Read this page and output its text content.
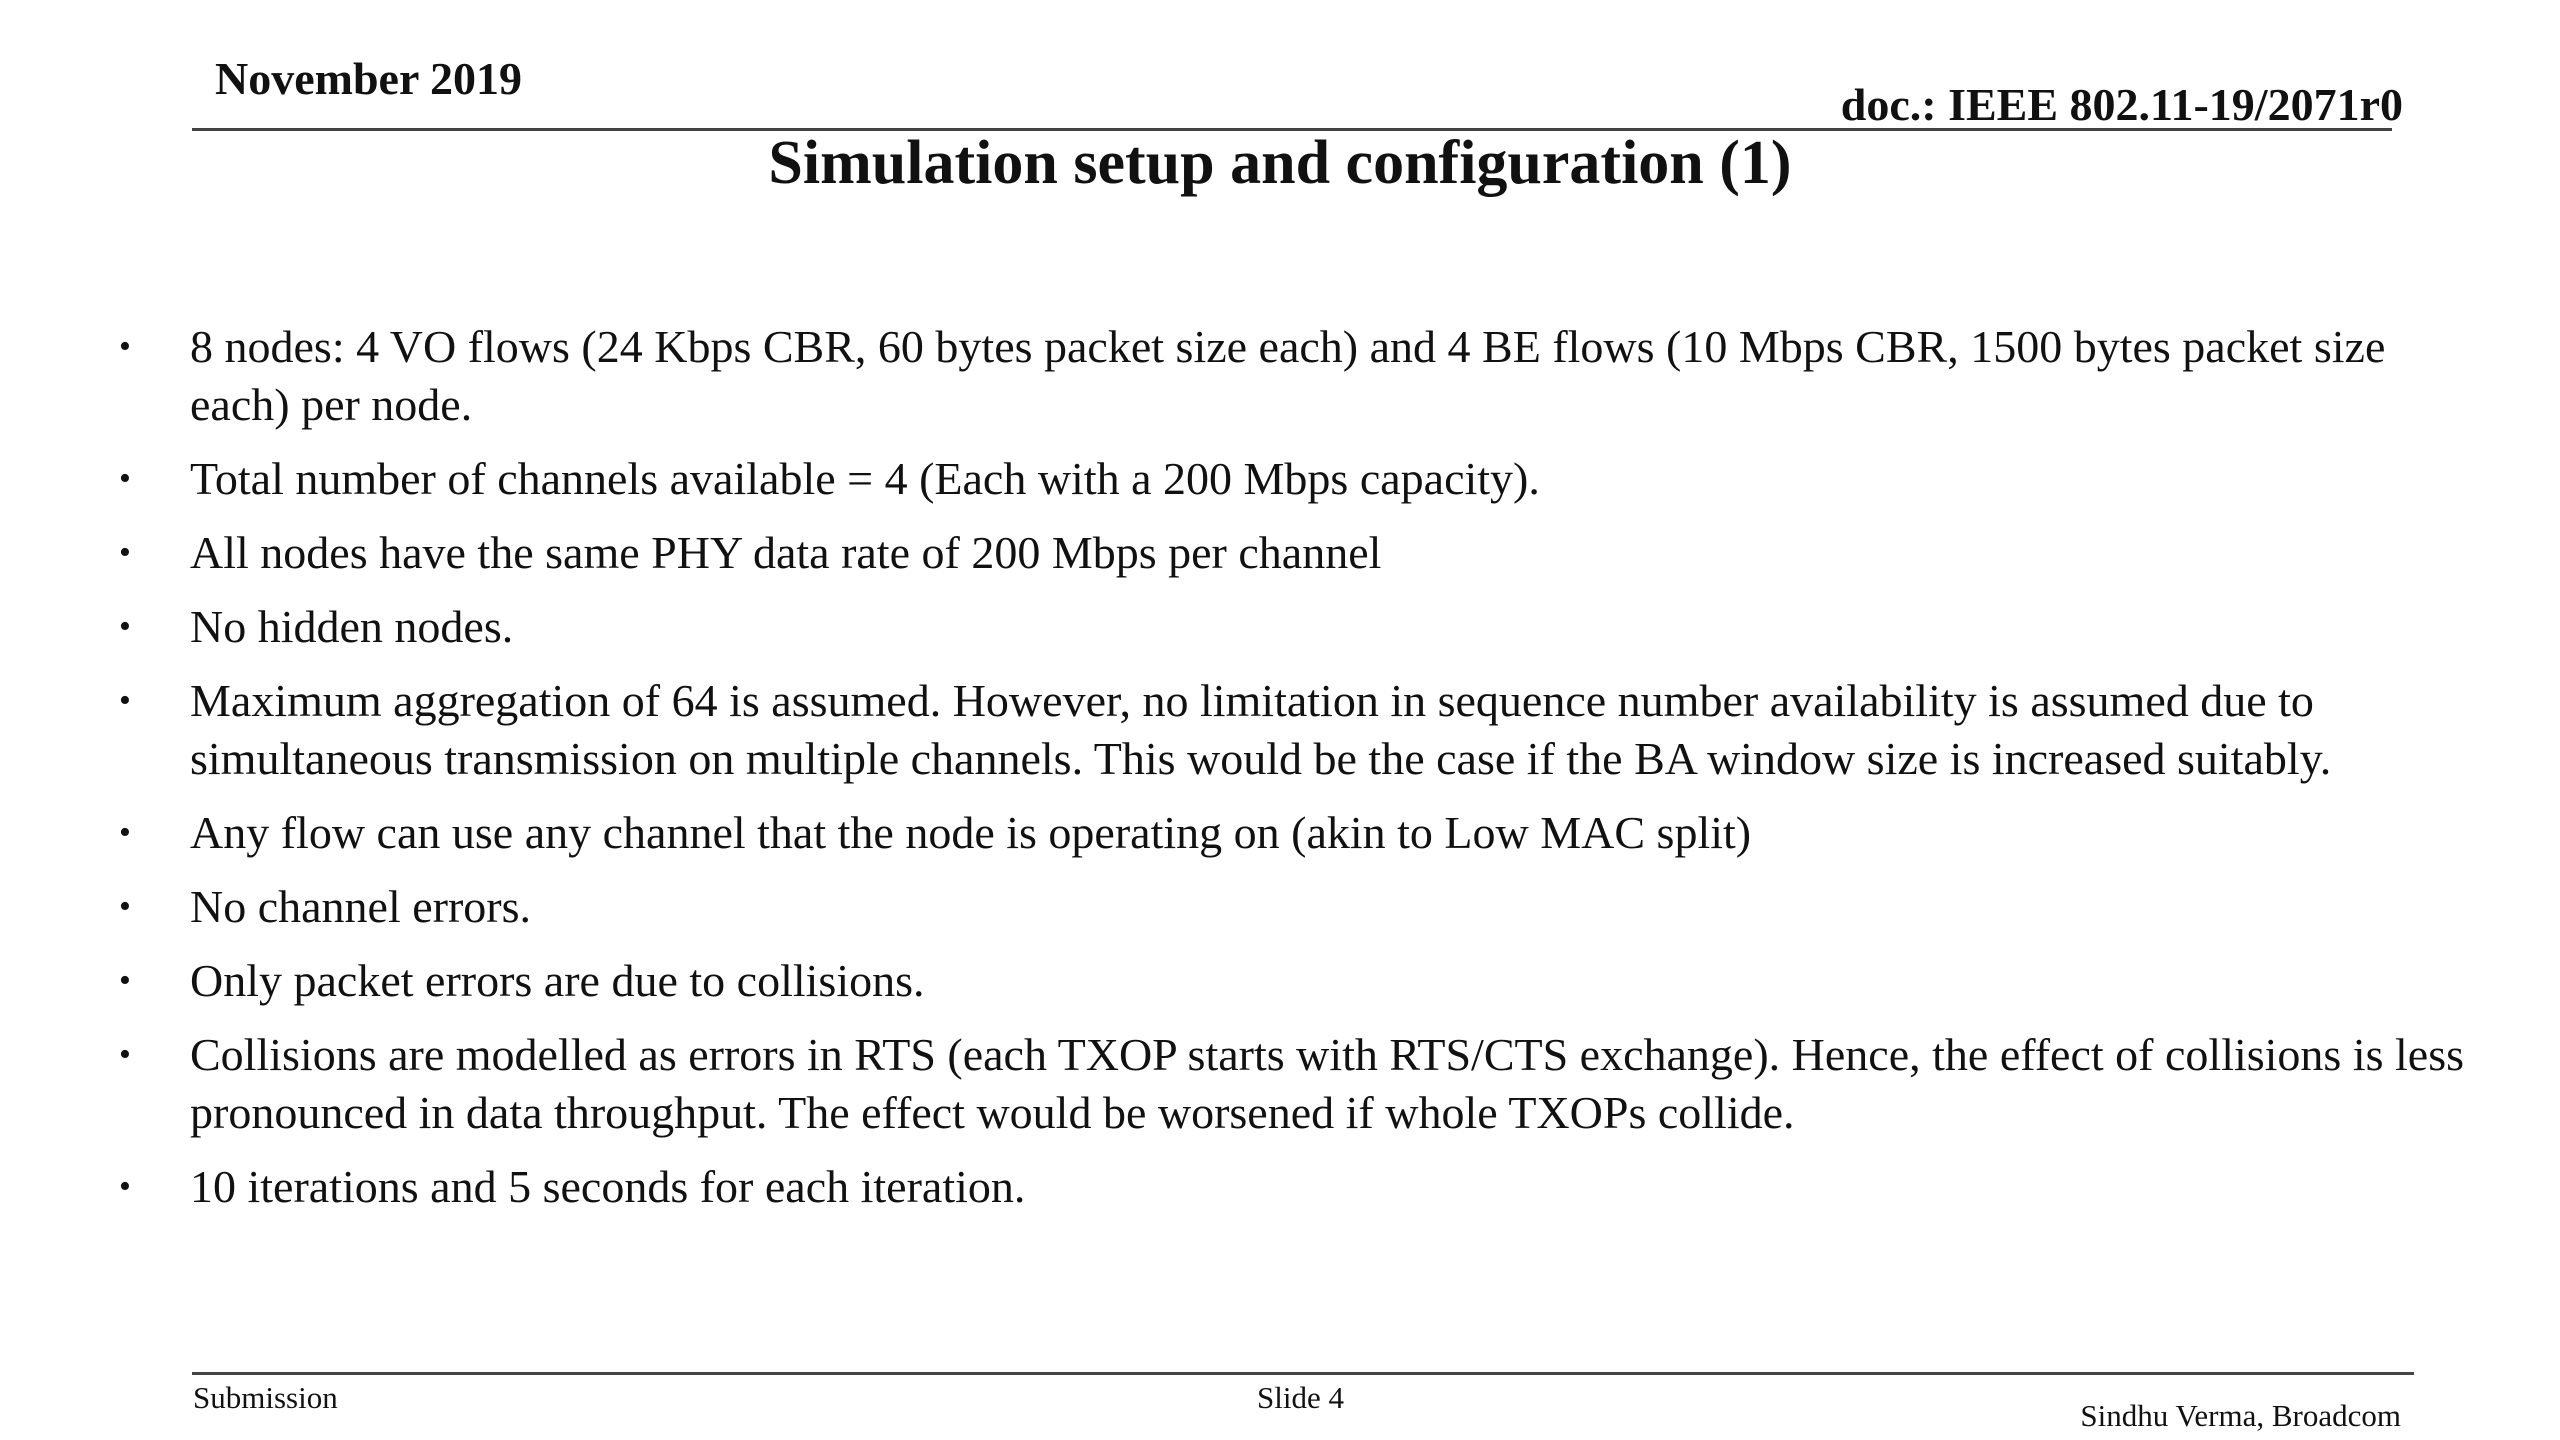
November 2019
doc.: IEEE 802.11-19/2071r0
Simulation setup and configuration (1)
• 8 nodes: 4 VO flows (24 Kbps CBR, 60 bytes packet size each) and 4 BE flows (10 Mbps CBR, 1500 bytes packet size each) per node.
• Total number of channels available = 4 (Each with a 200 Mbps capacity).
• All nodes have the same PHY data rate of 200 Mbps per channel
• No hidden nodes.
• Maximum aggregation of 64 is assumed. However, no limitation in sequence number availability is assumed due to simultaneous transmission on multiple channels. This would be the case if the BA window size is increased suitably.
• Any flow can use any channel that the node is operating on (akin to Low MAC split)
• No channel errors.
• Only packet errors are due to collisions.
• Collisions are modelled as errors in RTS (each TXOP starts with RTS/CTS exchange). Hence, the effect of collisions is less pronounced in data throughput. The effect would be worsened if whole TXOPs collide.
• 10 iterations and 5 seconds for each iteration.
Submission	Slide 4
Sindhu Verma, Broadcom
